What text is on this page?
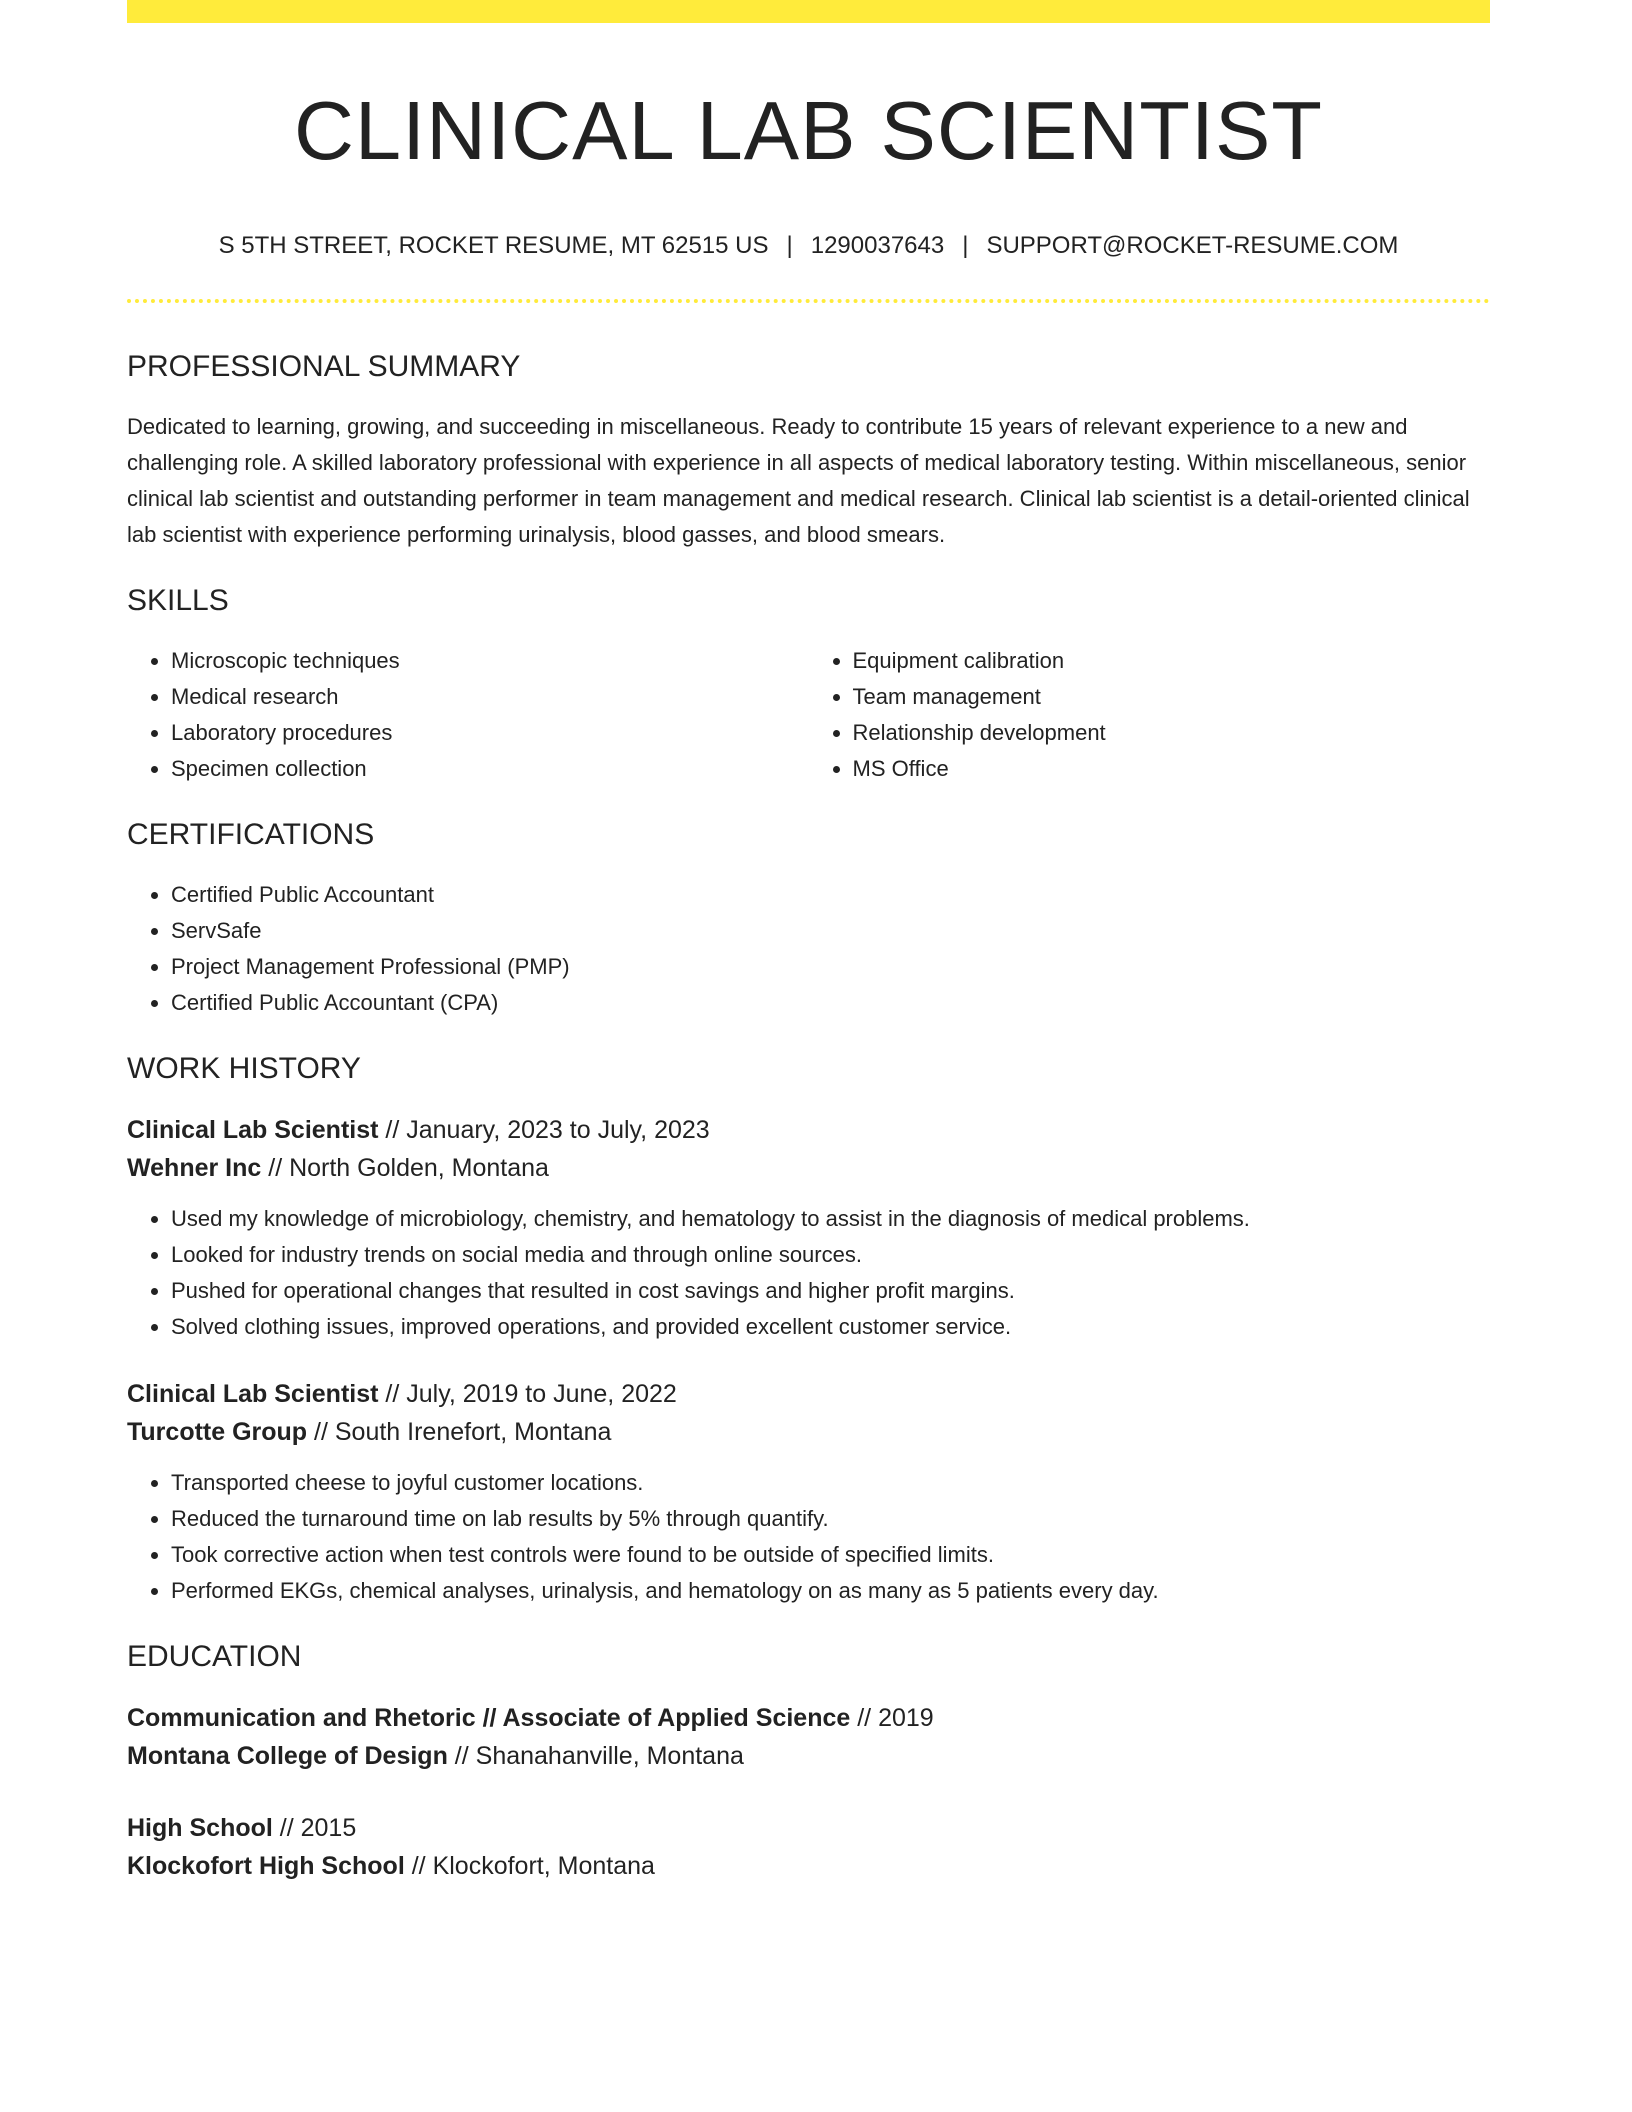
CLINICAL LAB SCIENTIST
S 5TH STREET, ROCKET RESUME, MT 62515 US | 1290037643 | SUPPORT@ROCKET-RESUME.COM
PROFESSIONAL SUMMARY

Dedicated to learning, growing, and succeeding in miscellaneous. Ready to contribute 15 years of relevant experience to a new and challenging role. A skilled laboratory professional with experience in all aspects of medical laboratory testing. Within miscellaneous, senior clinical lab scientist and outstanding performer in team management and medical research. Clinical lab scientist is a detail-oriented clinical lab scientist with experience performing urinalysis, blood gasses, and blood smears.

SKILLS
• Microscopic techniques
• Medical research
• Laboratory procedures
• Specimen collection
• Equipment calibration
• Team management
• Relationship development
• MS Office
CERTIFICATIONS
• Certified Public Accountant
• ServSafe
• Project Management Professional (PMP)
• Certified Public Accountant (CPA)
WORK HISTORY
Clinical Lab Scientist // January, 2023 to July, 2023
Wehner Inc // North Golden, Montana
• Used my knowledge of microbiology, chemistry, and hematology to assist in the diagnosis of medical problems.
• Looked for industry trends on social media and through online sources.
• Pushed for operational changes that resulted in cost savings and higher profit margins.
• Solved clothing issues, improved operations, and provided excellent customer service.
Clinical Lab Scientist // July, 2019 to June, 2022
Turcotte Group // South Irenefort, Montana
• Transported cheese to joyful customer locations.
• Reduced the turnaround time on lab results by 5% through quantify.
• Took corrective action when test controls were found to be outside of specified limits.
• Performed EKGs, chemical analyses, urinalysis, and hematology on as many as 5 patients every day.
EDUCATION
Communication and Rhetoric // Associate of Applied Science // 2019
Montana College of Design // Shanahanville, Montana
High School // 2015
Klockofort High School // Klockofort, Montana
